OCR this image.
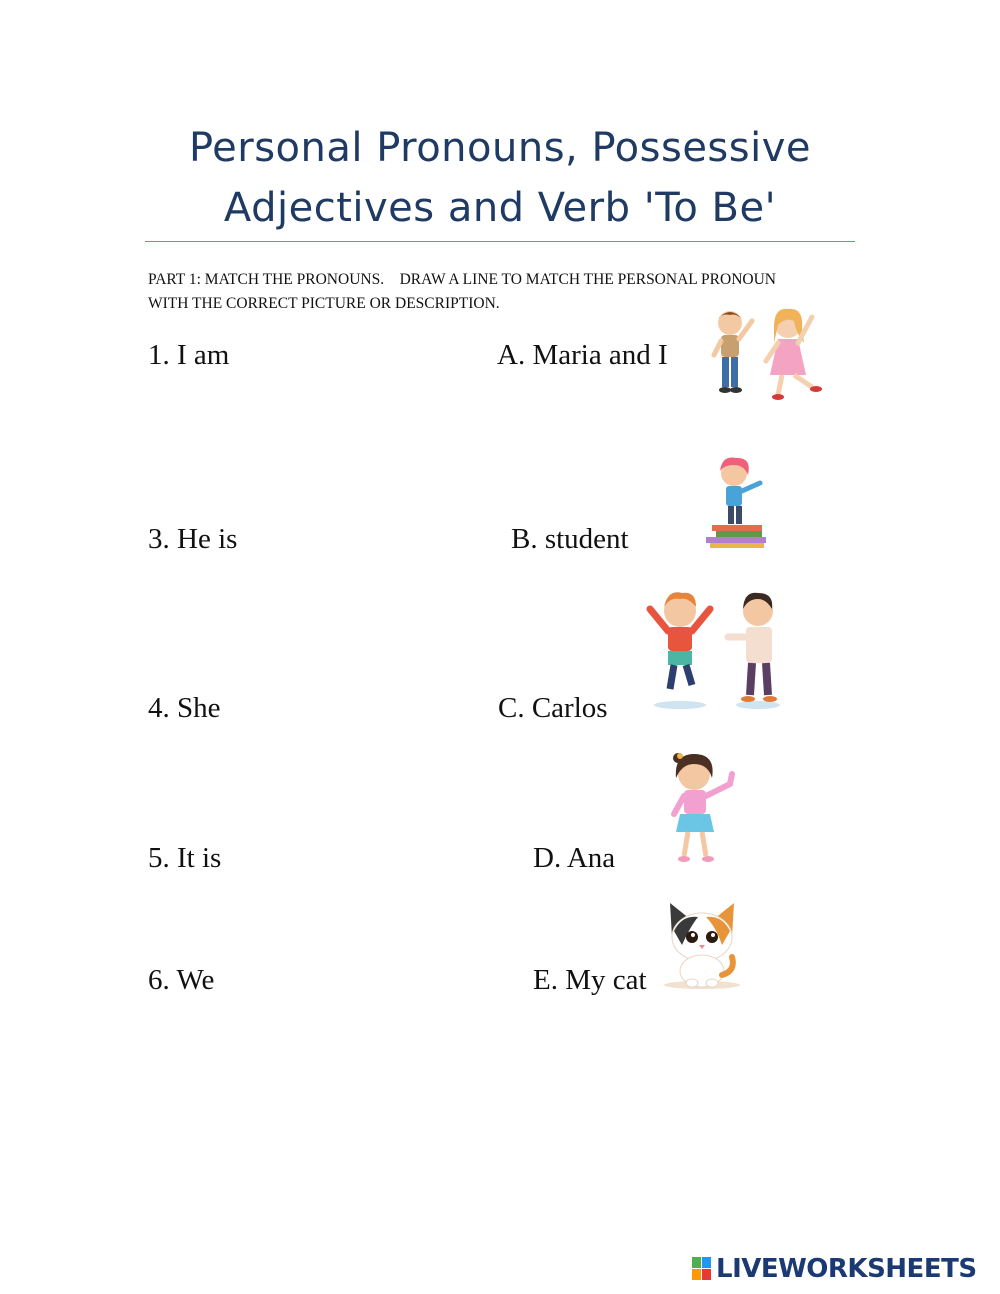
Personal Pronouns, Possessive
Adjectives and Verb 'To Be'
PART 1: MATCH THE PRONOUNS.    DRAW A LINE TO MATCH THE PERSONAL PRONOUN
WITH THE CORRECT PICTURE OR DESCRIPTION.
1. I am
3. He is
4. She
5. It is
6. We
A. Maria and I
B. student
C. Carlos
D. Ana
E. My cat
LIVEWORKSHEETS
